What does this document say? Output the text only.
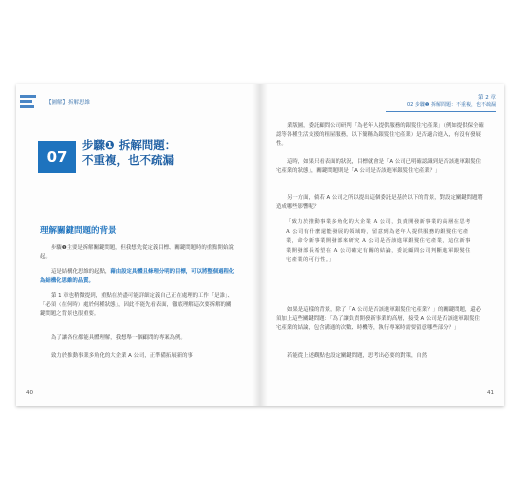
【圖解】拆解思維
07
步驟❶ 拆解問題：
不重複，也不疏漏
理解關鍵問題的背景
步驟❶主要是拆解關鍵問題，但我想先從定義目標、關鍵問題時的重點開始說起。
這是結構化思維的起點，藉由設定具體且條理分明的目標，可以將整個過程化為結構化思維的品質。
第 1 章也稍微提到，重點在於盡可能詳細定義自己正在處理的工作「是誰」、「必須（在何時）處於何種狀態」，因此不能先看表面，徹底理解這次要拆解的關鍵問題之背景也很重要。
為了讓各位都能具體理解，我想舉一個顧問的專案為例。
致力於推動事業多角化的大企業 A 公司，正準備拓展新的事
40
第 2 章
02 步驟❶ 拆解問題：不重複，也不疏漏
業版圖，委託顧問公司研判「為老年人提供服務的銀髮住宅產業」（例如提供保全確認等各種生活支援的租屋服務，以下簡稱為銀髮住宅產業）是否適合進入，有沒有發展性。
這時，如果只看表面的狀況，目標就會是「A 公司已明確認識到是否該進軍銀髮住宅產業的狀態」，關鍵問題則是「A 公司是否該進軍銀髮住宅產業？」
另一方面，倘若 A 公司之所以提出這個委託是基於以下的背景，對設定關鍵問題將造成哪些影響呢？
「致力於推動事業多角化的大企業 A 公司，負責開發新事業的高層在思考 A 公司有什麼還能發展的領域時，留意到為老年人提供服務的銀髮住宅產業，命令新事業開發部來研究 A 公司是否該進軍銀髮住宅產業，這位新事業開發部長希望在 A 公司確定有關的結論，委託顧問公司判斷進軍銀髮住宅產業的可行性。」
如果是這樣的背景，除了「A 公司是否該進軍銀髮住宅產業？」的關鍵問題，還必須加上這些關鍵問題：「為了讓負責開發新事業的高層，接受 A 公司是否該進軍銀髮住宅產業的結論，包含溝通的次數、時機等，執行專案時需要留意哪些部分？」
若能從上述觀點也設定關鍵問題，思考出必要的對策，自然
41
